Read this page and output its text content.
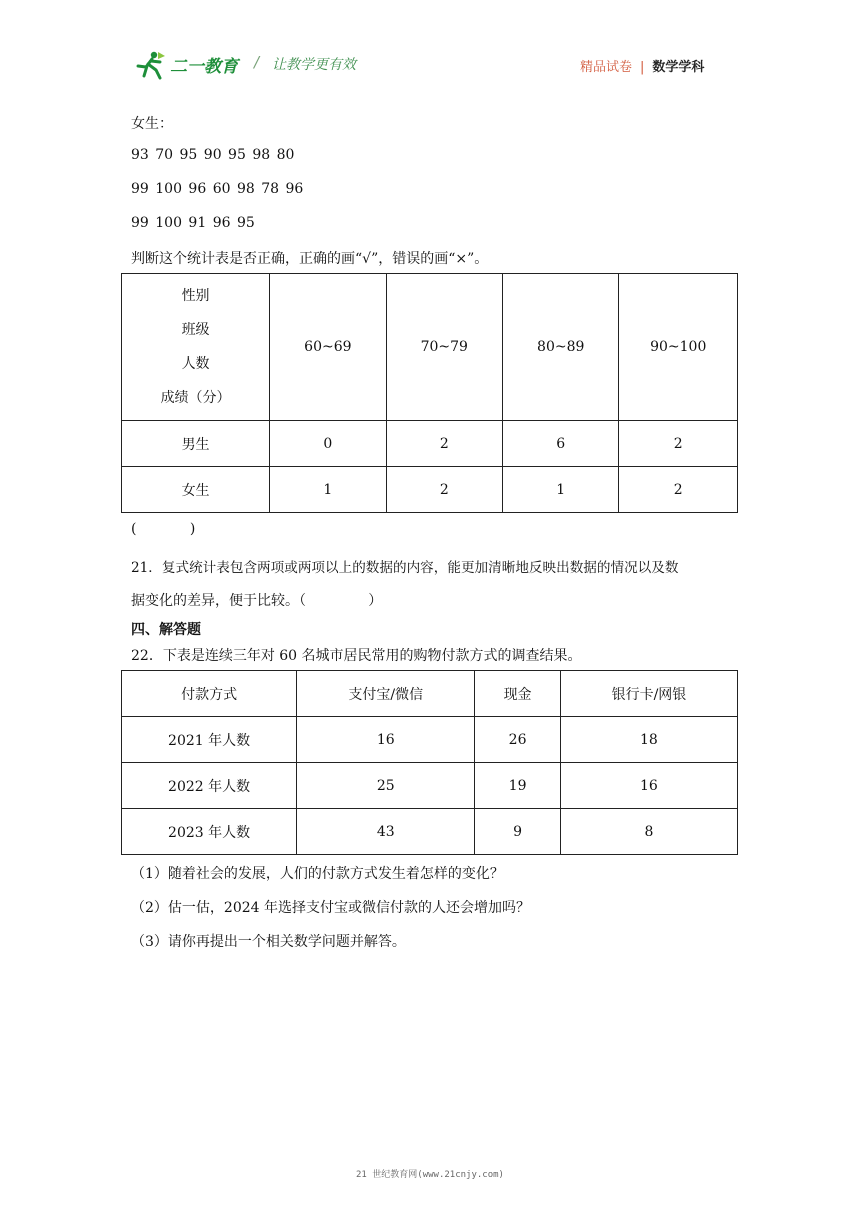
二一教育 / 让教学更有效	精品试卷 | 数学学科
女生：
93 70 95 90 95 98 80
99 100 96 60 98 78 96
99 100 91 96 95
判断这个统计表是否正确，正确的画“√”，错误的画“×”。
性别
班级
人数
成绩（分）	60~69	70~79	80~89	90~100
男生	0	2	6	2
女生	1	2	1	2
(            )
21．复式统计表包含两项或两项以上的数据的内容，能更加清晰地反映出数据的情况以及数
据变化的差异，便于比较。（              ）
四、解答题
22．下表是连续三年对 60 名城市居民常用的购物付款方式的调查结果。
付款方式	支付宝/微信	现金	银行卡/网银
2021 年人数	16	26	18
2022 年人数	25	19	16
2023 年人数	43	9	8
（1）随着社会的发展，人们的付款方式发生着怎样的变化？
（2）估一估，2024 年选择支付宝或微信付款的人还会增加吗？
（3）请你再提出一个相关数学问题并解答。
21 世纪教育网(www.21cnjy.com)
